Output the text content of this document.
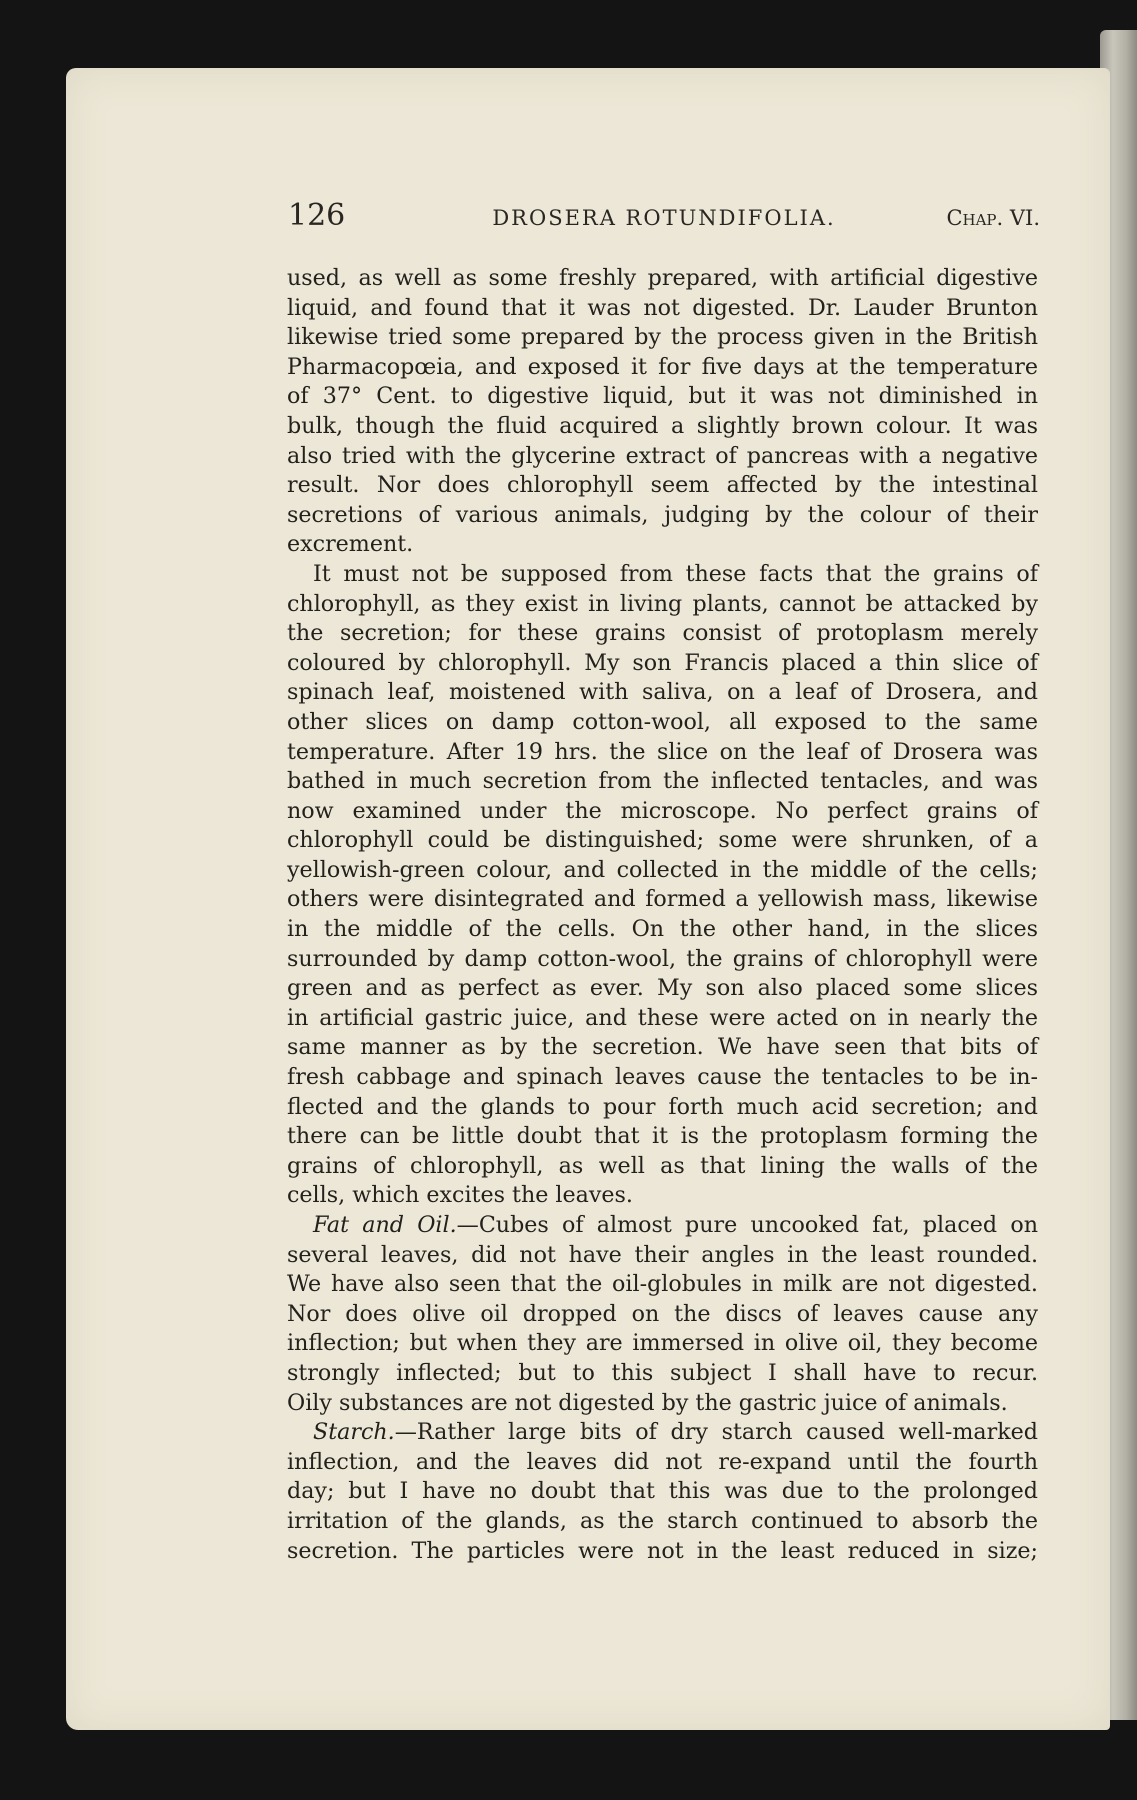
126	DROSERA ROTUNDIFOLIA.	Chap. VI.
used, as well as some freshly prepared, with artificial digestive
liquid, and found that it was not digested. Dr. Lauder Brunton
likewise tried some prepared by the process given in the British
Pharmacopœia, and exposed it for five days at the temperature
of 37° Cent. to digestive liquid, but it was not diminished in
bulk, though the fluid acquired a slightly brown colour. It was
also tried with the glycerine extract of pancreas with a negative
result. Nor does chlorophyll seem affected by the intestinal
secretions of various animals, judging by the colour of their
excrement.
It must not be supposed from these facts that the grains of
chlorophyll, as they exist in living plants, cannot be attacked by
the secretion; for these grains consist of protoplasm merely
coloured by chlorophyll. My son Francis placed a thin slice of
spinach leaf, moistened with saliva, on a leaf of Drosera, and
other slices on damp cotton-wool, all exposed to the same
temperature. After 19 hrs. the slice on the leaf of Drosera was
bathed in much secretion from the inflected tentacles, and was
now examined under the microscope. No perfect grains of
chlorophyll could be distinguished; some were shrunken, of a
yellowish-green colour, and collected in the middle of the cells;
others were disintegrated and formed a yellowish mass, likewise
in the middle of the cells. On the other hand, in the slices
surrounded by damp cotton-wool, the grains of chlorophyll were
green and as perfect as ever. My son also placed some slices
in artificial gastric juice, and these were acted on in nearly the
same manner as by the secretion. We have seen that bits of
fresh cabbage and spinach leaves cause the tentacles to be in-
flected and the glands to pour forth much acid secretion; and
there can be little doubt that it is the protoplasm forming the
grains of chlorophyll, as well as that lining the walls of the
cells, which excites the leaves.
Fat and Oil.—Cubes of almost pure uncooked fat, placed on
several leaves, did not have their angles in the least rounded.
We have also seen that the oil-globules in milk are not digested.
Nor does olive oil dropped on the discs of leaves cause any
inflection; but when they are immersed in olive oil, they become
strongly inflected; but to this subject I shall have to recur.
Oily substances are not digested by the gastric juice of animals.
Starch.—Rather large bits of dry starch caused well-marked
inflection, and the leaves did not re-expand until the fourth
day; but I have no doubt that this was due to the prolonged
irritation of the glands, as the starch continued to absorb the
secretion. The particles were not in the least reduced in size;
